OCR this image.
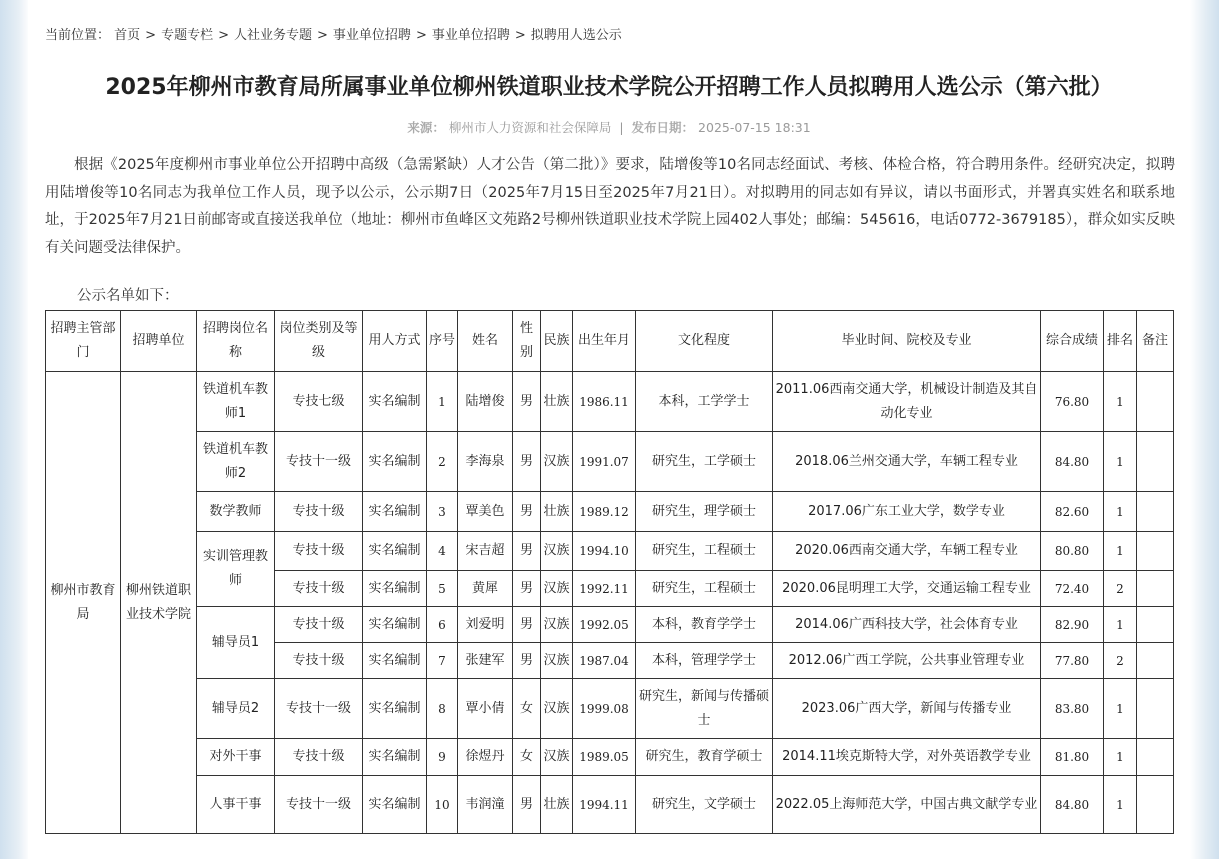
当前位置： 首页 > 专题专栏 > 人社业务专题 > 事业单位招聘 > 事业单位招聘 > 拟聘用人选公示
2025年柳州市教育局所属事业单位柳州铁道职业技术学院公开招聘工作人员拟聘用人选公示（第六批）
来源： 柳州市人力资源和社会保障局 | 发布日期： 2025-07-15 18:31
根据《2025年度柳州市事业单位公开招聘中高级（急需紧缺）人才公告（第二批）》要求，陆增俊等10名同志经面试、考核、体检合格，符合聘用条件。经研究决定，拟聘用陆增俊等10名同志为我单位工作人员，现予以公示，公示期7日（2025年7月15日至2025年7月21日）。对拟聘用的同志如有异议，请以书面形式，并署真实姓名和联系地址，于2025年7月21日前邮寄或直接送我单位（地址：柳州市鱼峰区文苑路2号柳州铁道职业技术学院上园402人事处；邮编：545616，电话0772-3679185），群众如实反映有关问题受法律保护。
公示名单如下：
招聘主管部门	招聘单位	招聘岗位名称	岗位类别及等级	用人方式	序号	姓名	性别	民族	出生年月	文化程度	毕业时间、院校及专业	综合成绩	排名	备注
柳州市教育局	柳州铁道职业技术学院	铁道机车教师1	专技七级	实名编制	1	陆增俊	男	壮族	1986.11	本科，工学学士	2011.06西南交通大学，机械设计制造及其自动化专业	76.80	1	
		铁道机车教师2	专技十一级	实名编制	2	李海泉	男	汉族	1991.07	研究生，工学硕士	2018.06兰州交通大学，车辆工程专业	84.80	1	
		数学教师	专技十级	实名编制	3	覃美色	男	壮族	1989.12	研究生，理学硕士	2017.06广东工业大学，数学专业	82.60	1	
		实训管理教师	专技十级	实名编制	4	宋吉超	男	汉族	1994.10	研究生，工程硕士	2020.06西南交通大学，车辆工程专业	80.80	1	
			专技十级	实名编制	5	黄犀	男	汉族	1992.11	研究生，工程硕士	2020.06昆明理工大学，交通运输工程专业	72.40	2	
		辅导员1	专技十级	实名编制	6	刘爱明	男	汉族	1992.05	本科，教育学学士	2014.06广西科技大学，社会体育专业	82.90	1	
			专技十级	实名编制	7	张建军	男	汉族	1987.04	本科，管理学学士	2012.06广西工学院，公共事业管理专业	77.80	2	
		辅导员2	专技十一级	实名编制	8	覃小倩	女	汉族	1999.08	研究生，新闻与传播硕士	2023.06广西大学，新闻与传播专业	83.80	1	
		对外干事	专技十级	实名编制	9	徐煜丹	女	汉族	1989.05	研究生，教育学硕士	2014.11埃克斯特大学，对外英语教学专业	81.80	1	
		人事干事	专技十一级	实名编制	10	韦润潼	男	壮族	1994.11	研究生，文学硕士	2022.05上海师范大学，中国古典文献学专业	84.80	1	
